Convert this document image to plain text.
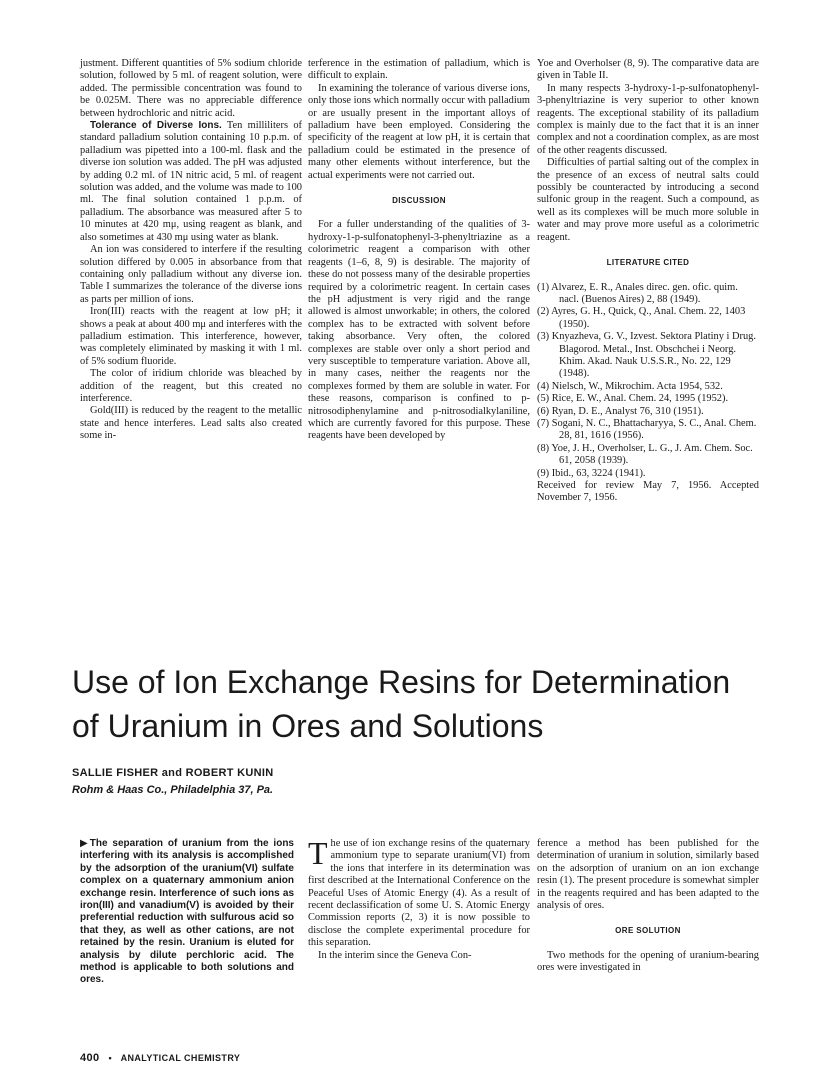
justment. Different quantities of 5% sodium chloride solution, followed by 5 ml. of reagent solution, were added. The permissible concentration was found to be 0.025M. There was no appreciable difference between hydrochloric and nitric acid.

Tolerance of Diverse Ions. Ten milliliters of standard palladium solution containing 10 p.p.m. of palladium was pipetted into a 100-ml. flask and the diverse ion solution was added. The pH was adjusted by adding 0.2 ml. of 1N nitric acid, 5 ml. of reagent solution was added, and the volume was made to 100 ml. The final solution contained 1 p.p.m. of palladium. The absorbance was measured after 5 to 10 minutes at 420 mμ, using reagent as blank, and also sometimes at 430 mμ using water as blank.

An ion was considered to interfere if the resulting solution differed by 0.005 in absorbance from that containing only palladium without any diverse ion. Table I summarizes the tolerance of the diverse ions as parts per million of ions.

Iron(III) reacts with the reagent at low pH; it shows a peak at about 400 mμ and interferes with the palladium estimation. This interference, however, was completely eliminated by masking it with 1 ml. of 5% sodium fluoride.

The color of iridium chloride was bleached by addition of the reagent, but this created no interference.

Gold(III) is reduced by the reagent to the metallic state and hence interferes. Lead salts also created some in-

terference in the estimation of palladium, which is difficult to explain.

In examining the tolerance of various diverse ions, only those ions which normally occur with palladium or are usually present in the important alloys of palladium have been employed. Considering the specificity of the reagent at low pH, it is certain that palladium could be estimated in the presence of many other elements without interference, but the actual experiments were not carried out.

DISCUSSION

For a fuller understanding of the qualities of 3-hydroxy-1-p-sulfonatophenyl-3-phenyltriazine as a colorimetric reagent a comparison with other reagents (1–6, 8, 9) is desirable. The majority of these do not possess many of the desirable properties required by a colorimetric reagent. In certain cases the pH adjustment is very rigid and the range allowed is almost unworkable; in others, the colored complex has to be extracted with solvent before taking absorbance. Very often, the colored complexes are stable over only a short period and very susceptible to temperature variation. Above all, in many cases, neither the reagents nor the complexes formed by them are soluble in water. For these reasons, comparison is confined to p-nitrosodiphenylamine and p-nitrosodialkylaniline, which are currently favored for this purpose. These reagents have been developed by

Yoe and Overholser (8, 9). The comparative data are given in Table II.

In many respects 3-hydroxy-1-p-sulfonatophenyl-3-phenyltriazine is very superior to other known reagents. The exceptional stability of its palladium complex is mainly due to the fact that it is an inner complex and not a coordination complex, as are most of the other reagents discussed.

Difficulties of partial salting out of the complex in the presence of an excess of neutral salts could possibly be counteracted by introducing a second sulfonic group in the reagent. Such a compound, as well as its complexes will be much more soluble in water and may prove more useful as a colorimetric reagent.

LITERATURE CITED
(1) Alvarez, E. R., Anales direc. gen. ofic. quim. nacl. (Buenos Aires) 2, 88 (1949).
(2) Ayres, G. H., Quick, Q., Anal. Chem. 22, 1403 (1950).
(3) Knyazheva, G. V., Izvest. Sektora Platiny i Drug. Blagorod. Metal., Inst. Obschchei i Neorg. Khim. Akad. Nauk U.S.S.R., No. 22, 129 (1948).
(4) Nielsch, W., Mikrochim. Acta 1954, 532.
(5) Rice, E. W., Anal. Chem. 24, 1995 (1952).
(6) Ryan, D. E., Analyst 76, 310 (1951).
(7) Sogani, N. C., Bhattacharyya, S. C., Anal. Chem. 28, 81, 1616 (1956).
(8) Yoe, J. H., Overholser, L. G., J. Am. Chem. Soc. 61, 2058 (1939).
(9) Ibid., 63, 3224 (1941).

Received for review May 7, 1956. Accepted November 7, 1956.

Use of Ion Exchange Resins for Determination
of Uranium in Ores and Solutions
SALLIE FISHER and ROBERT KUNIN
Rohm & Haas Co., Philadelphia 37, Pa.
▶The separation of uranium from the ions interfering with its analysis is accomplished by the adsorption of the uranium(VI) sulfate complex on a quaternary ammonium anion exchange resin. Interference of such ions as iron(III) and vanadium(V) is avoided by their preferential reduction with sulfurous acid so that they, as well as other cations, are not retained by the resin. Uranium is eluted for analysis by dilute perchloric acid. The method is applicable to both solutions and ores.

The use of ion exchange resins of the quaternary ammonium type to separate uranium(VI) from the ions that interfere in its determination was first described at the International Conference on the Peaceful Uses of Atomic Energy (4). As a result of recent declassification of some U. S. Atomic Energy Commission reports (2, 3) it is now possible to disclose the complete experimental procedure for this separation.

In the interim since the Geneva Con-

ference a method has been published for the determination of uranium in solution, similarly based on the adsorption of uranium on an ion exchange resin (1). The present procedure is somewhat simpler in the reagents required and has been adapted to the analysis of ores.

ORE SOLUTION

Two methods for the opening of uranium-bearing ores were investigated in

400 • ANALYTICAL CHEMISTRY
